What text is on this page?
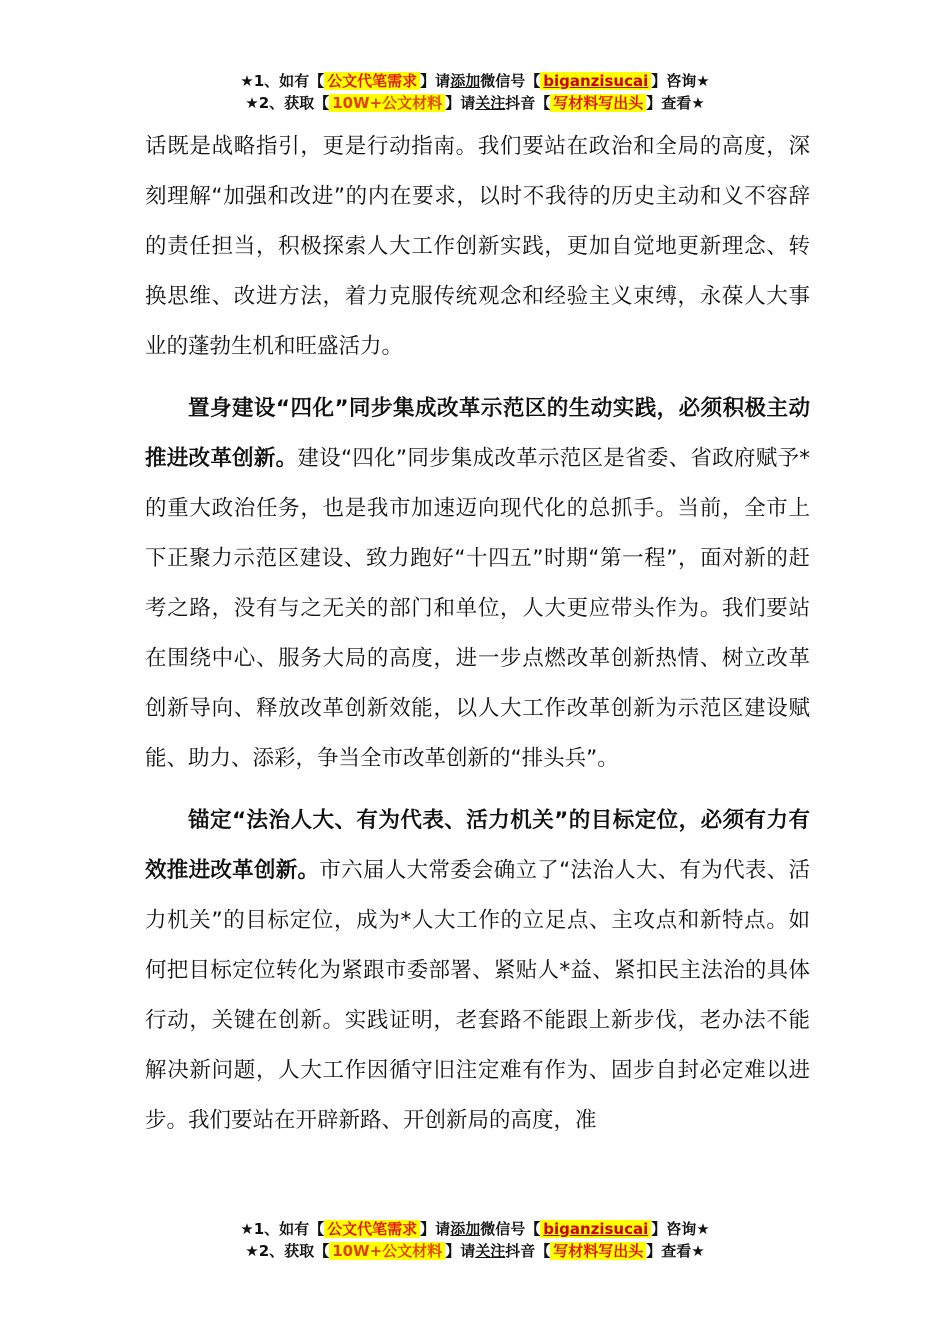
★1、如有【 公文代笔需求 】请添加微信号【 biganzisucai 】咨询★
★2、获取【 10W+公文材料 】请关注抖音【 写材料写出头 】查看★

话既是战略指引，更是行动指南。我们要站在政治和全局的高度，深刻理解“加强和改进”的内在要求，以时不我待的历史主动和义不容辞的责任担当，积极探索人大工作创新实践，更加自觉地更新理念、转换思维、改进方法，着力克服传统观念和经验主义束缚，永葆人大事业的蓬勃生机和旺盛活力。

置身建设“四化”同步集成改革示范区的生动实践，必须积极主动推进改革创新。建设“四化”同步集成改革示范区是省委、省政府赋予*的重大政治任务，也是我市加速迈向现代化的总抓手。当前，全市上下正聚力示范区建设、致力跑好“十四五”时期“第一程”，面对新的赶考之路，没有与之无关的部门和单位，人大更应带头作为。我们要站在围绕中心、服务大局的高度，进一步点燃改革创新热情、树立改革创新导向、释放改革创新效能，以人大工作改革创新为示范区建设赋能、助力、添彩，争当全市改革创新的“排头兵”。

锚定“法治人大、有为代表、活力机关”的目标定位，必须有力有效推进改革创新。市六届人大常委会确立了“法治人大、有为代表、活力机关”的目标定位，成为*人大工作的立足点、主攻点和新特点。如何把目标定位转化为紧跟市委部署、紧贴人*益、紧扣民主法治的具体行动，关键在创新。实践证明，老套路不能跟上新步伐，老办法不能解决新问题，人大工作因循守旧注定难有作为、固步自封必定难以进步。我们要站在开辟新路、开创新局的高度，准

★1、如有【 公文代笔需求 】请添加微信号【 biganzisucai 】咨询★
★2、获取【 10W+公文材料 】请关注抖音【 写材料写出头 】查看★
